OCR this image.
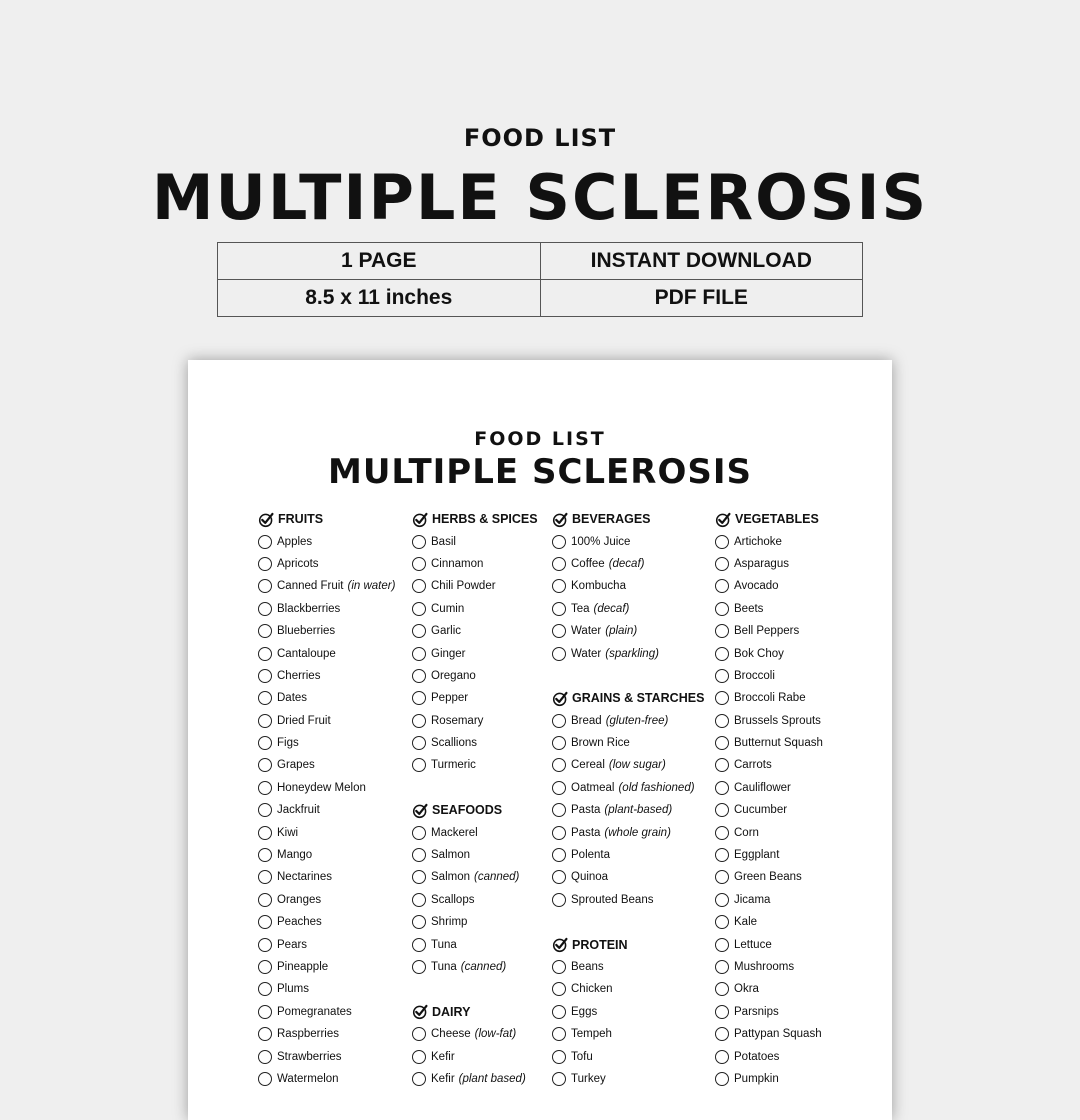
FOOD LIST
MULTIPLE SCLEROSIS
1 PAGE	INSTANT DOWNLOAD
8.5 x 11 inches	PDF FILE
FOOD LIST
MULTIPLE SCLEROSIS
FRUITS
Apples
Apricots
Canned Fruit (in water)
Blackberries
Blueberries
Cantaloupe
Cherries
Dates
Dried Fruit
Figs
Grapes
Honeydew Melon
Jackfruit
Kiwi
Mango
Nectarines
Oranges
Peaches
Pears
Pineapple
Plums
Pomegranates
Raspberries
Strawberries
Watermelon
HERBS & SPICES
Basil
Cinnamon
Chili Powder
Cumin
Garlic
Ginger
Oregano
Pepper
Rosemary
Scallions
Turmeric
SEAFOODS
Mackerel
Salmon
Salmon (canned)
Scallops
Shrimp
Tuna
Tuna (canned)
DAIRY
Cheese (low-fat)
Kefir
Kefir (plant based)
BEVERAGES
100% Juice
Coffee (decaf)
Kombucha
Tea (decaf)
Water (plain)
Water (sparkling)
GRAINS & STARCHES
Bread (gluten-free)
Brown Rice
Cereal (low sugar)
Oatmeal (old fashioned)
Pasta (plant-based)
Pasta (whole grain)
Polenta
Quinoa
Sprouted Beans
PROTEIN
Beans
Chicken
Eggs
Tempeh
Tofu
Turkey
VEGETABLES
Artichoke
Asparagus
Avocado
Beets
Bell Peppers
Bok Choy
Broccoli
Broccoli Rabe
Brussels Sprouts
Butternut Squash
Carrots
Cauliflower
Cucumber
Corn
Eggplant
Green Beans
Jicama
Kale
Lettuce
Mushrooms
Okra
Parsnips
Pattypan Squash
Potatoes
Pumpkin
